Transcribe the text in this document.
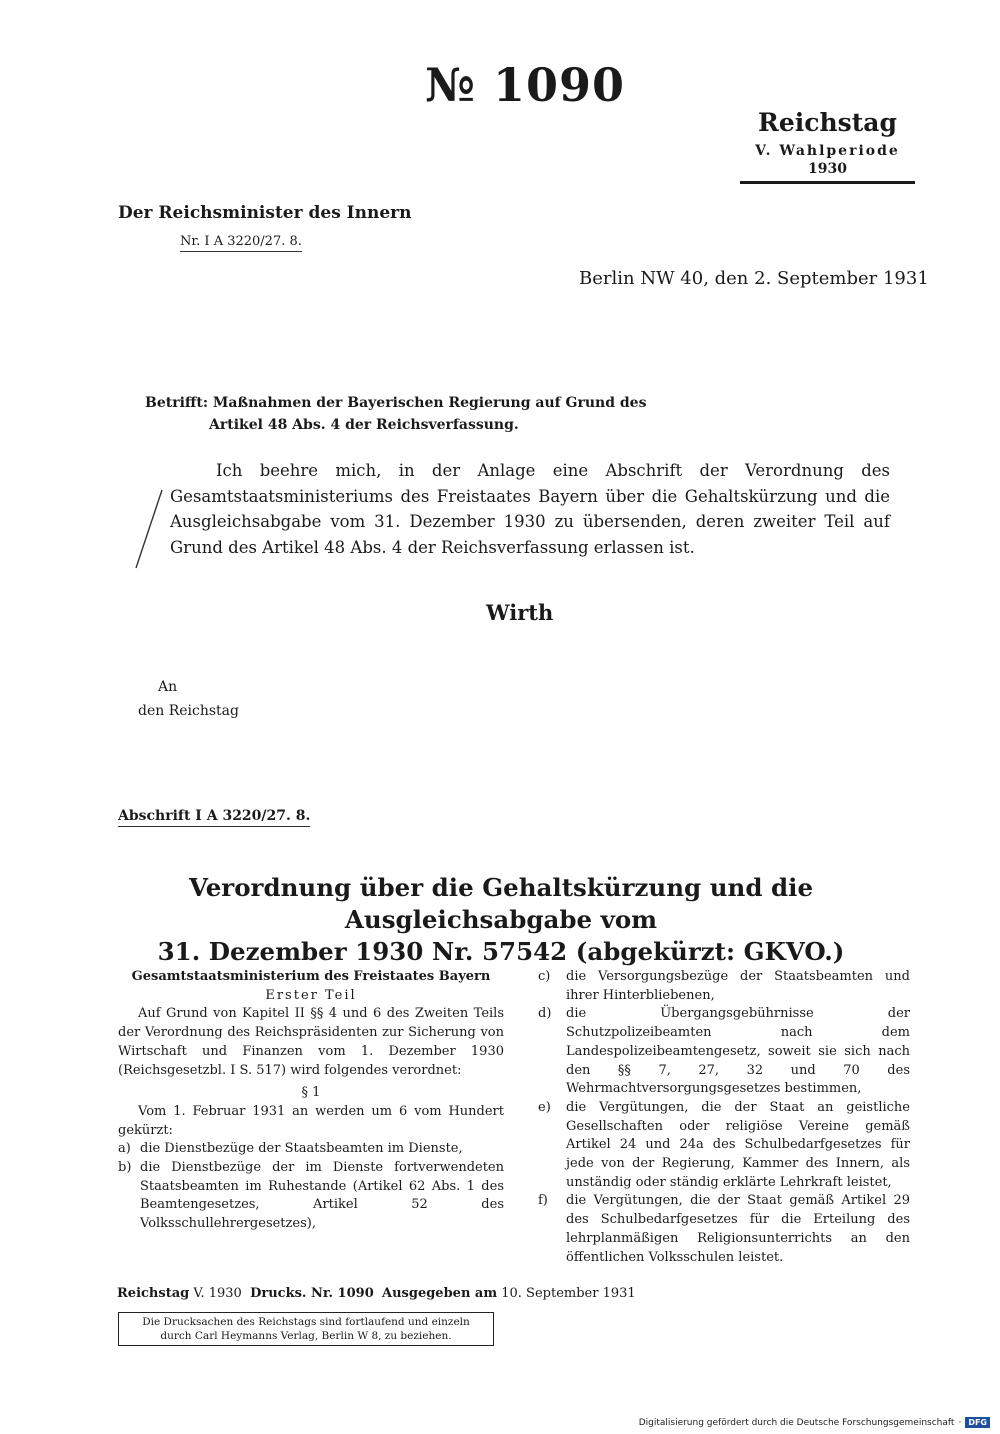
№ 1090
Reichstag
V. Wahlperiode
1930
Der Reichsminister des Innern
Nr. I A 3220/27. 8.
Berlin NW 40, den 2. September 1931
Betrifft: Maßnahmen der Bayerischen Regierung auf Grund des
Artikel 48 Abs. 4 der Reichsverfassung.

Ich beehre mich, in der Anlage eine Abschrift der Verordnung des Gesamtstaatsministeriums des Freistaates Bayern über die Gehaltskürzung und die Ausgleichsabgabe vom 31. Dezember 1930 zu übersenden, deren zweiter Teil auf Grund des Artikel 48 Abs. 4 der Reichsverfassung erlassen ist.

Wirth
An
den Reichstag
Abschrift I A 3220/27. 8.
Verordnung über die Gehaltskürzung und die Ausgleichsabgabe vom
31. Dezember 1930 Nr. 57542 (abgekürzt: GKVO.)
Gesamtstaatsministerium des Freistaates Bayern
Erster Teil
Auf Grund von Kapitel II §§ 4 und 6 des Zweiten Teils der Verordnung des Reichspräsidenten zur Sicherung von Wirtschaft und Finanzen vom 1. Dezember 1930 (Reichsgesetzbl. I S. 517) wird folgendes verordnet:
§ 1
Vom 1. Februar 1931 an werden um 6 vom Hundert gekürzt:
a) die Dienstbezüge der Staatsbeamten im Dienste,
b) die Dienstbezüge der im Dienste fortverwendeten Staatsbeamten im Ruhestande (Artikel 62 Abs. 1 des Beamtengesetzes, Artikel 52 des Volksschullehrergesetzes),
c)	die Versorgungsbezüge der Staatsbeamten und ihrer Hinterbliebenen,
d)	die Übergangsgebührnisse der Schutzpolizeibeamten nach dem Landespolizeibeamtengesetz, soweit sie sich nach den §§ 7, 27, 32 und 70 des Wehrmachtversorgungsgesetzes bestimmen,
e)	die Vergütungen, die der Staat an geistliche Gesellschaften oder religiöse Vereine gemäß Artikel 24 und 24a des Schulbedarfgesetzes für jede von der Regierung, Kammer des Innern, als unständig oder ständig erklärte Lehrkraft leistet,
f)	die Vergütungen, die der Staat gemäß Artikel 29 des Schulbedarfgesetzes für die Erteilung des lehrplanmäßigen Religionsunterrichts an den öffentlichen Volksschulen leistet.
Reichstag V. 1930 Drucks. Nr. 1090 Ausgegeben am 10. September 1931
Die Drucksachen des Reichstags sind fortlaufend und einzeln
durch Carl Heymanns Verlag, Berlin W 8, zu beziehen.
Digitalisierung gefördert durch die Deutsche Forschungsgemeinschaft · DFG
